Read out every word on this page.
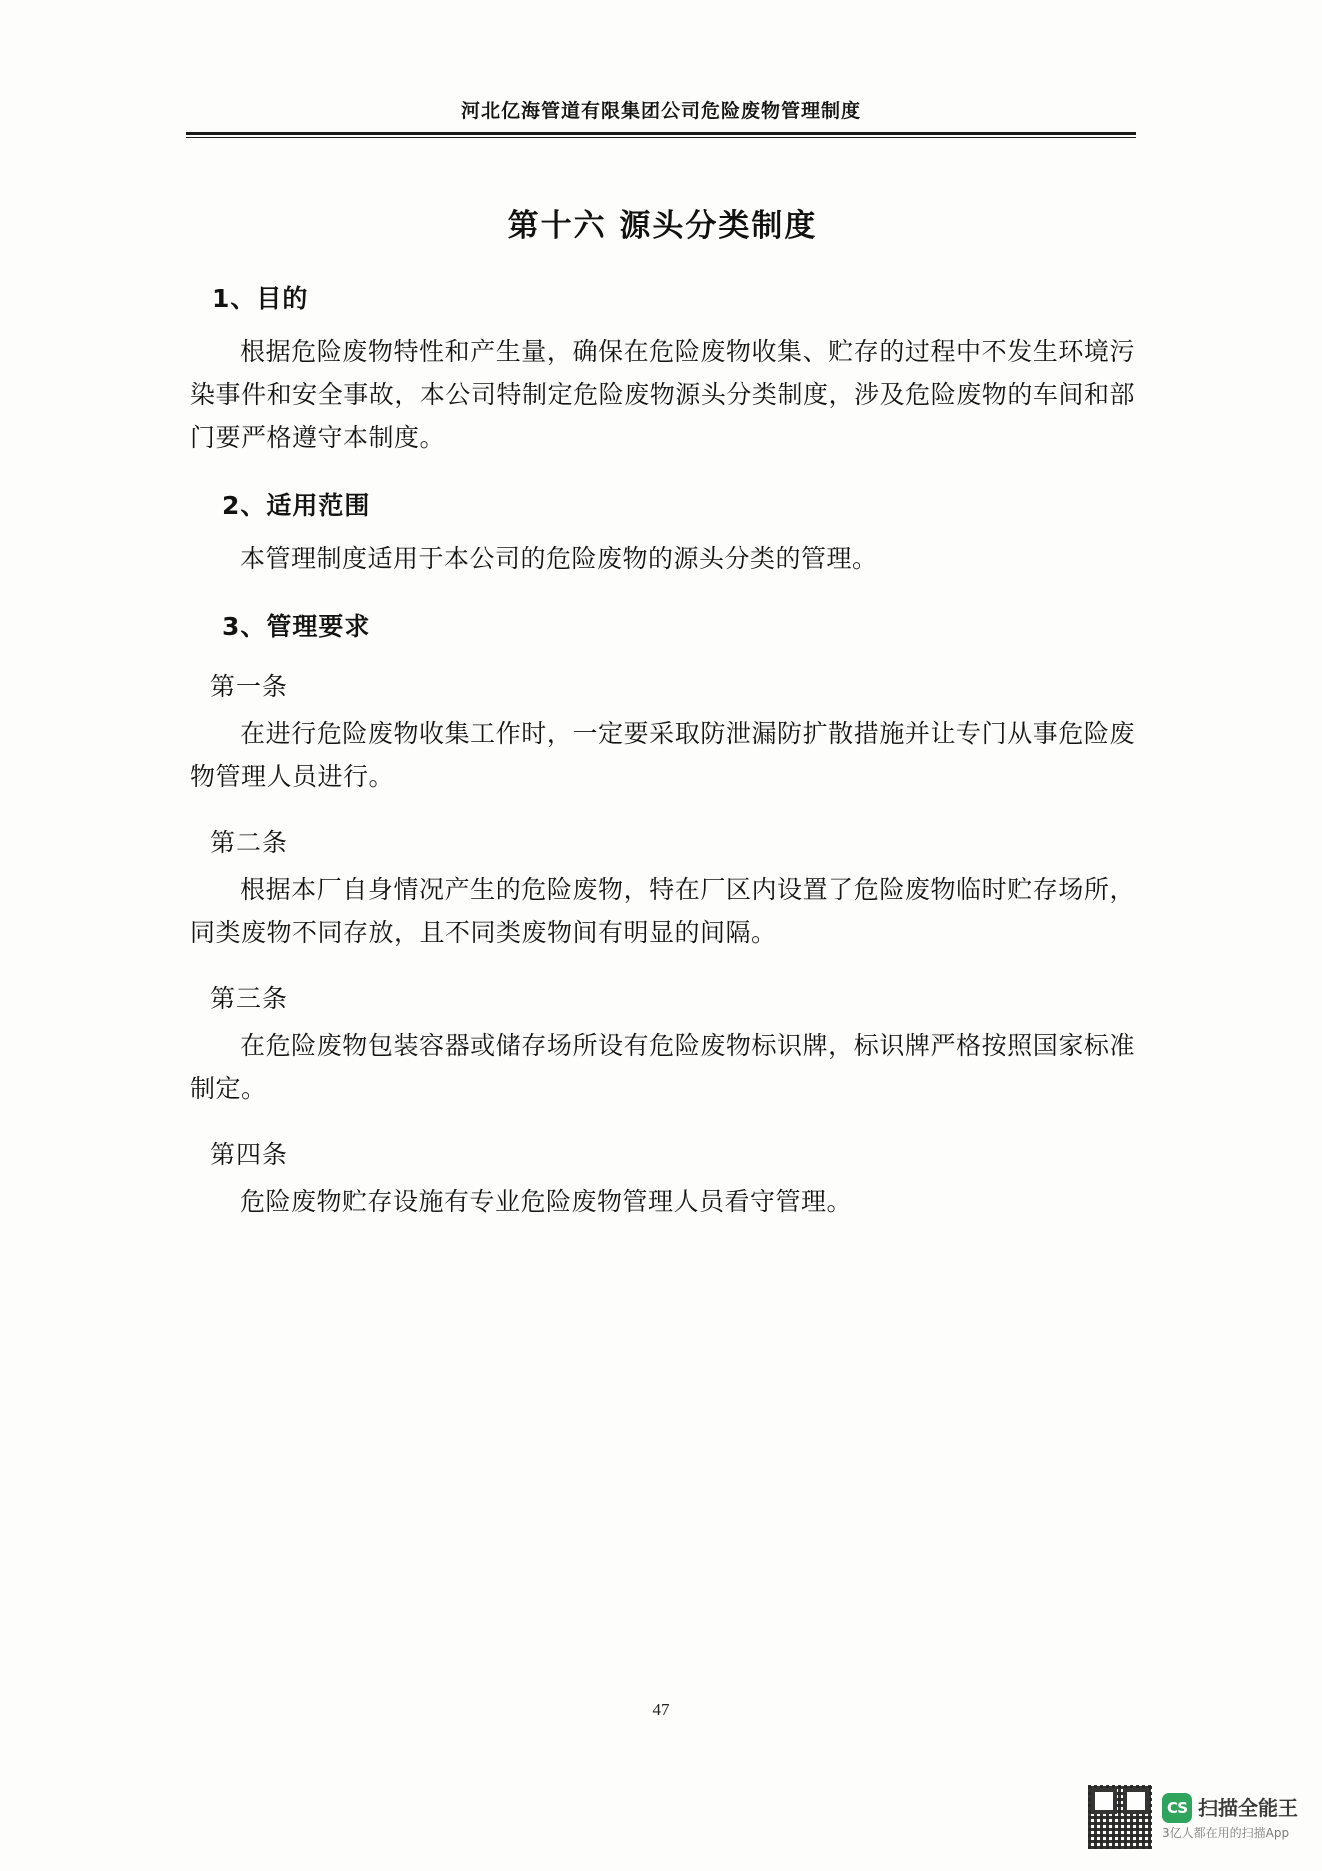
河北亿海管道有限集团公司危险废物管理制度
第十六 源头分类制度
1、目的

根据危险废物特性和产生量，确保在危险废物收集、贮存的过程中不发生环境污染事件和安全事故，本公司特制定危险废物源头分类制度，涉及危险废物的车间和部门要严格遵守本制度。

2、适用范围

本管理制度适用于本公司的危险废物的源头分类的管理。

3、管理要求
第一条

在进行危险废物收集工作时，一定要采取防泄漏防扩散措施并让专门从事危险废物管理人员进行。

第二条

根据本厂自身情况产生的危险废物，特在厂区内设置了危险废物临时贮存场所，同类废物不同存放，且不同类废物间有明显的间隔。

第三条

在危险废物包装容器或储存场所设有危险废物标识牌，标识牌严格按照国家标准制定。

第四条

危险废物贮存设施有专业危险废物管理人员看守管理。

47
CS 扫描全能王
3亿人都在用的扫描App
